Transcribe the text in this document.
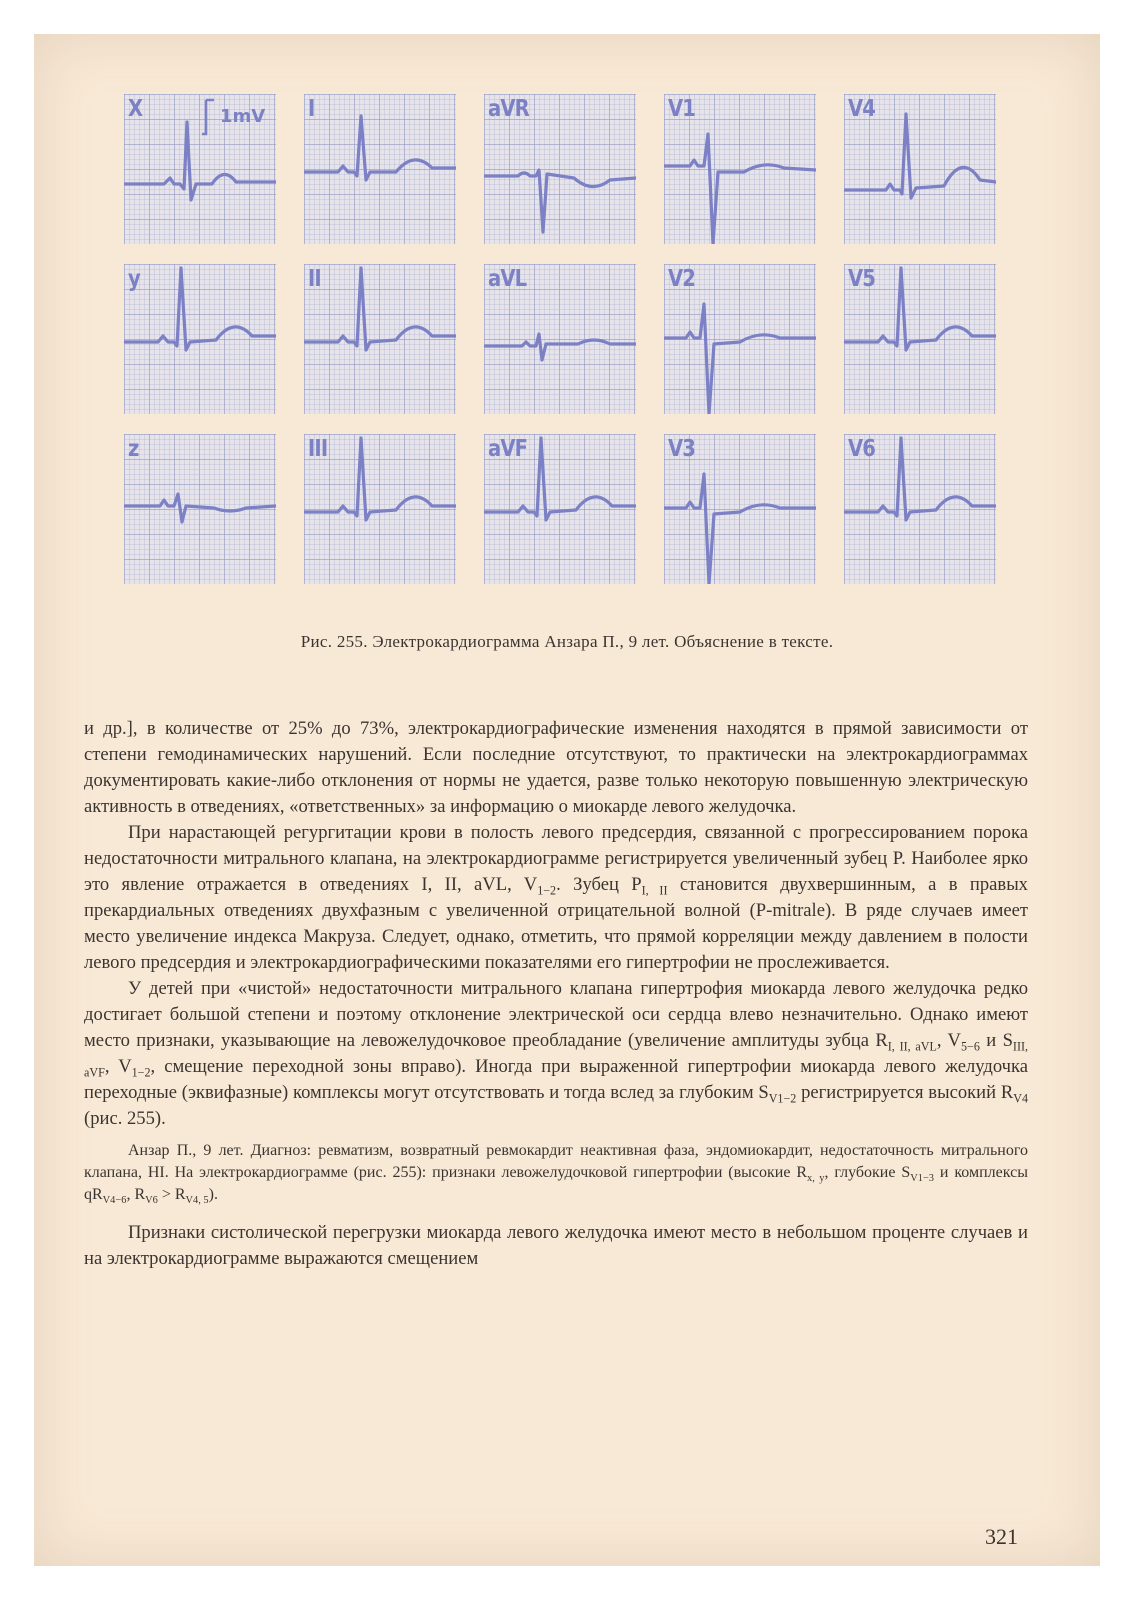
1mV
X	I	aVR	V1	V4
y	II	aVL	V2	V5
z	III	aVF	V3	V6
Рис. 255. Электрокардиограмма Анзара П., 9 лет. Объяснение в тексте.

и др.], в количестве от 25% до 73%, электрокардиографические изменения находятся в прямой зависимости от степени гемодинамических нарушений. Если последние отсутствуют, то практически на электрокардиограммах документировать какие-либо отклонения от нормы не удается, разве только некоторую повышенную электрическую активность в отведениях, «ответственных» за информацию о миокарде левого желудочка.

При нарастающей регургитации крови в полость левого предсердия, связанной с прогрессированием порока недостаточности митрального клапана, на электрокардиограмме регистрируется увеличенный зубец P. Наиболее ярко это явление отражается в отведениях I, II, aVL, $V_{1-2}$. Зубец $P_{I, II}$ становится двухвершинным, а в правых прекардиальных отведениях двухфазным с увеличенной отрицательной волной (P-mitrale). В ряде случаев имеет место увеличение индекса Макруза. Следует, однако, отметить, что прямой корреляции между давлением в полости левого предсердия и электрокардиографическими показателями его гипертрофии не прослеживается.

У детей при «чистой» недостаточности митрального клапана гипертрофия миокарда левого желудочка редко достигает большой степени и поэтому отклонение электрической оси сердца влево незначительно. Однако имеют место признаки, указывающие на левожелудочковое преобладание (увеличение амплитуды зубца $R_{I, II, aVL}$, $V_{5-6}$ и $S_{III, aVF}$, $V_{1-2}$, смещение переходной зоны вправо). Иногда при выраженной гипертрофии миокарда левого желудочка переходные (эквифазные) комплексы могут отсутствовать и тогда вслед за глубоким $S_{V1-2}$ регистрируется высокий $R_{V4}$ (рис. 255).

Анзар П., 9 лет. Диагноз: ревматизм, возвратный ревмокардит неактивная фаза, эндомиокардит, недостаточность митрального клапана, HI. На электрокардиограмме (рис. 255): признаки левожелудочковой гипертрофии (высокие $R_{x, y}$, глубокие $S_{V1-3}$ и комплексы $qR_{V4-6}$, $R_{V6} > R_{V4, 5}$).

Признаки систолической перегрузки миокарда левого желудочка имеют место в небольшом проценте случаев и на электрокардиограмме выражаются смещением

321
